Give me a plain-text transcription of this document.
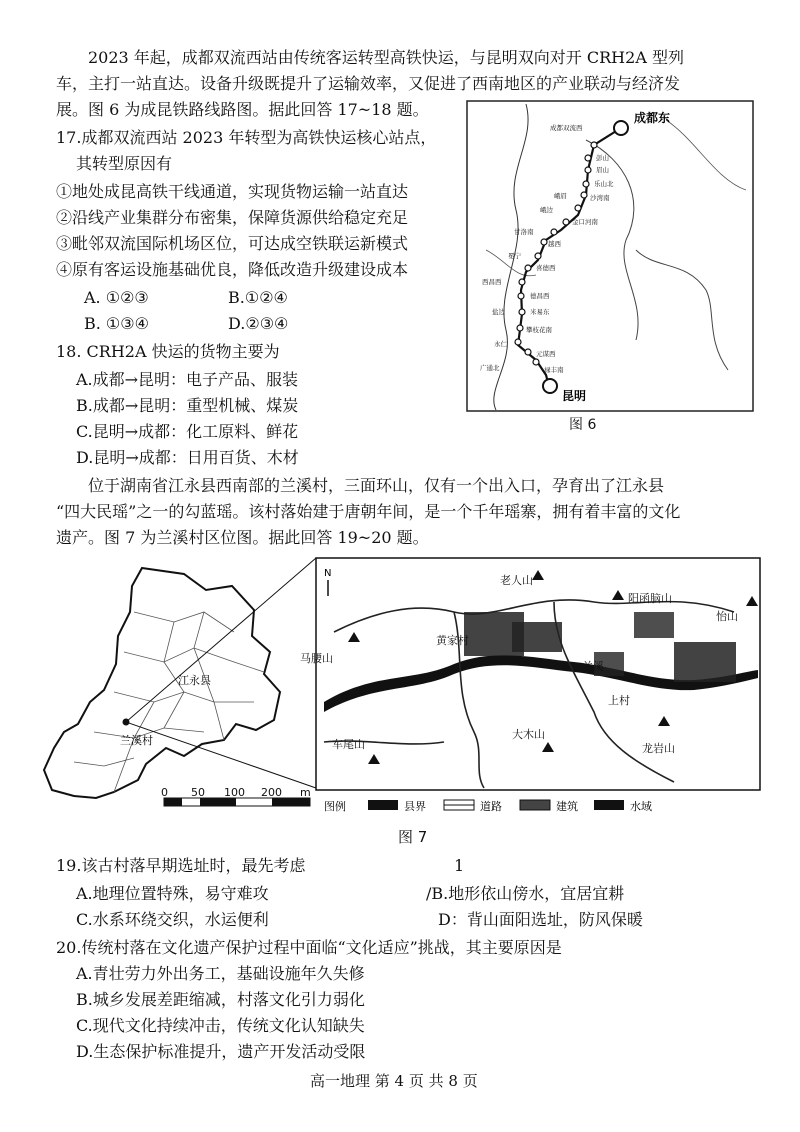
2023 年起，成都双流西站由传统客运转型高铁快运，与昆明双向对开 CRH2A 型列
车，主打一站直达。设备升级既提升了运输效率，又促进了西南地区的产业联动与经济发
展。图 6 为成昆铁路线路图。据此回答 17~18 题。
17.成都双流西站 2023 年转型为高铁快运核心站点，
其转型原因有
①地处成昆高铁干线通道，实现货物运输一站直达
②沿线产业集群分布密集，保障货源供给稳定充足
③毗邻双流国际机场区位，可达成空铁联运新模式
④原有客运设施基础优良，降低改造升级建设成本
A. ①②③	B.①②④
B. ①③④	D.②③④
18. CRH2A 快运的货物主要为
A.成都→昆明：电子产品、服装
B.成都→昆明：重型机械、煤炭
C.昆明→成都：化工原料、鲜花
D.昆明→成都：日用百货、木材
成都东
昆明
成都双流西
彭山
眉山
乐山北
峨眉	沙湾南
峨边
金口河南
甘洛南
越西
冕宁
喜德西
西昌西
德昌西
盐边	米易东
攀枝花南
永仁
元谋西
广通北	禄丰南
图 6
位于湖南省江永县西南部的兰溪村，三面环山，仅有一个出入口，孕育出了江永县
“四大民瑶”之一的勾蓝瑶。该村落始建于唐朝年间，是一个千年瑶寨，拥有着丰富的文化
遗产。图 7 为兰溪村区位图。据此回答 19~20 题。
江永县
兰溪村
N
老人山
阳函脑山
怡山
马腰山
车尾山
大木山
龙岩山
黄家村
兰溪
上村
0 50 100 200 m
图例	县界	道路	建筑	水域
图 7
19.该古村落早期选址时，最先考虑	1
A.地理位置特殊，易守难攻	/B.地形依山傍水，宜居宜耕
C.水系环绕交织，水运便利	D：背山面阳选址，防风保暖
20.传统村落在文化遗产保护过程中面临“文化适应”挑战，其主要原因是
A.青壮劳力外出务工，基础设施年久失修
B.城乡发展差距缩减，村落文化引力弱化
C.现代文化持续冲击，传统文化认知缺失
D.生态保护标准提升，遗产开发活动受限
高一地理 第 4 页 共 8 页
